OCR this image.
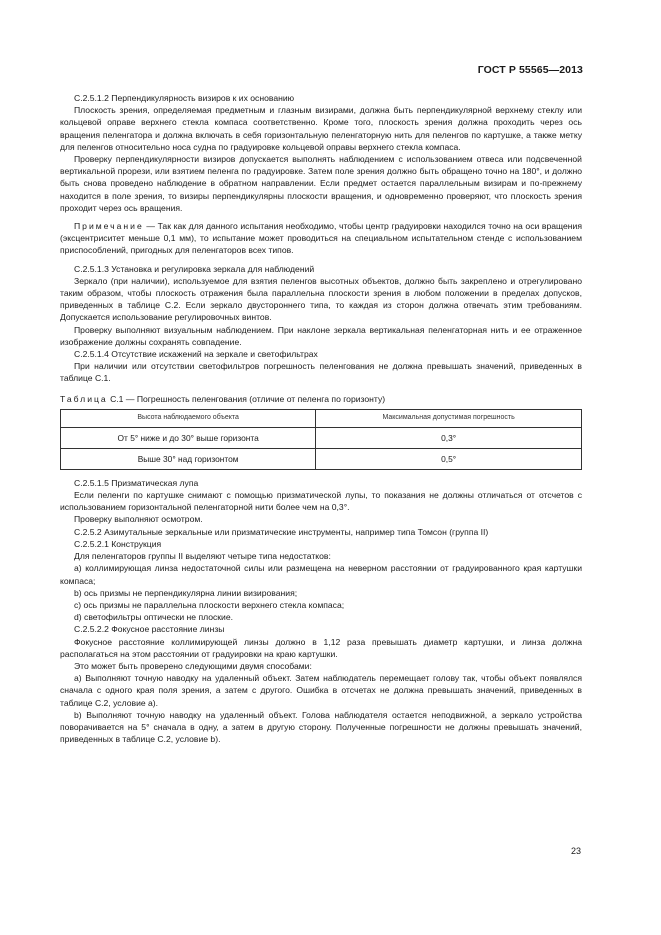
ГОСТ Р 55565—2013

С.2.5.1.2 Перпендикулярность визиров к их основанию

Плоскость зрения, определяемая предметным и глазным визирами, должна быть перпендикулярной верхнему стеклу или кольцевой оправе верхнего стекла компаса соответственно. Кроме того, плоскость зрения должна проходить через ось вращения пеленгатора и должна включать в себя горизонтальную пеленгаторную нить для пеленгов по картушке, а также метку для пеленгов относительно носа судна по градуировке кольцевой оправы верхнего стекла компаса.

Проверку перпендикулярности визиров допускается выполнять наблюдением с использованием отвеса или подсвеченной вертикальной прорези, или взятием пеленга по градуировке. Затем поле зрения должно быть обращено точно на 180°, и должно быть снова проведено наблюдение в обратном направлении. Если предмет остается параллельным визирам и по-прежнему находится в поле зрения, то визиры перпендикулярны плоскости вращения, и одновременно проверяют, что плоскость зрения проходит через ось вращения.

Примечание — Так как для данного испытания необходимо, чтобы центр градуировки находился точно на оси вращения (эксцентриситет меньше 0,1 мм), то испытание может проводиться на специальном испытательном стенде с использованием приспособлений, пригодных для пеленгаторов всех типов.

С.2.5.1.3 Установка и регулировка зеркала для наблюдений

Зеркало (при наличии), используемое для взятия пеленгов высотных объектов, должно быть закреплено и отрегулировано таким образом, чтобы плоскость отражения была параллельна плоскости зрения в любом положении в пределах допусков, приведенных в таблице С.2. Если зеркало двустороннего типа, то каждая из сторон должна отвечать этим требованиям. Допускается использование регулировочных винтов.

Проверку выполняют визуальным наблюдением. При наклоне зеркала вертикальная пеленгаторная нить и ее отраженное изображение должны сохранять совпадение.

С.2.5.1.4 Отсутствие искажений на зеркале и светофильтрах

При наличии или отсутствии светофильтров погрешность пеленгования не должна превышать значений, приведенных в таблице С.1.

Таблица С.1 — Погрешность пеленгования (отличие от пеленга по горизонту)

Высота наблюдаемого объекта	Максимальная допустимая погрешность
От 5° ниже и до 30° выше горизонта	0,3°
Выше 30° над горизонтом	0,5°

С.2.5.1.5 Призматическая лупа

Если пеленги по картушке снимают с помощью призматической лупы, то показания не должны отличаться от отсчетов с использованием горизонтальной пеленгаторной нити более чем на 0,3°.

Проверку выполняют осмотром.

С.2.5.2 Азимутальные зеркальные или призматические инструменты, например типа Томсон (группа II)

С.2.5.2.1 Конструкция

Для пеленгаторов группы II выделяют четыре типа недостатков:

а) коллимирующая линза недостаточной силы или размещена на неверном расстоянии от градуированного края картушки компаса;

b) ось призмы не перпендикулярна линии визирования;

с) ось призмы не параллельна плоскости верхнего стекла компаса;

d) светофильтры оптически не плоские.

С.2.5.2.2 Фокусное расстояние линзы

Фокусное расстояние коллимирующей линзы должно в 1,12 раза превышать диаметр картушки, и линза должна располагаться на этом расстоянии от градуировки на краю картушки.

Это может быть проверено следующими двумя способами:

а) Выполняют точную наводку на удаленный объект. Затем наблюдатель перемещает голову так, чтобы объект появлялся сначала с одного края поля зрения, а затем с другого. Ошибка в отсчетах не должна превышать значений, приведенных в таблице С.2, условие а).

b) Выполняют точную наводку на удаленный объект. Голова наблюдателя остается неподвижной, а зеркало устройства поворачивается на 5° сначала в одну, а затем в другую сторону. Полученные погрешности не должны превышать значений, приведенных в таблице С.2, условие b).

23
